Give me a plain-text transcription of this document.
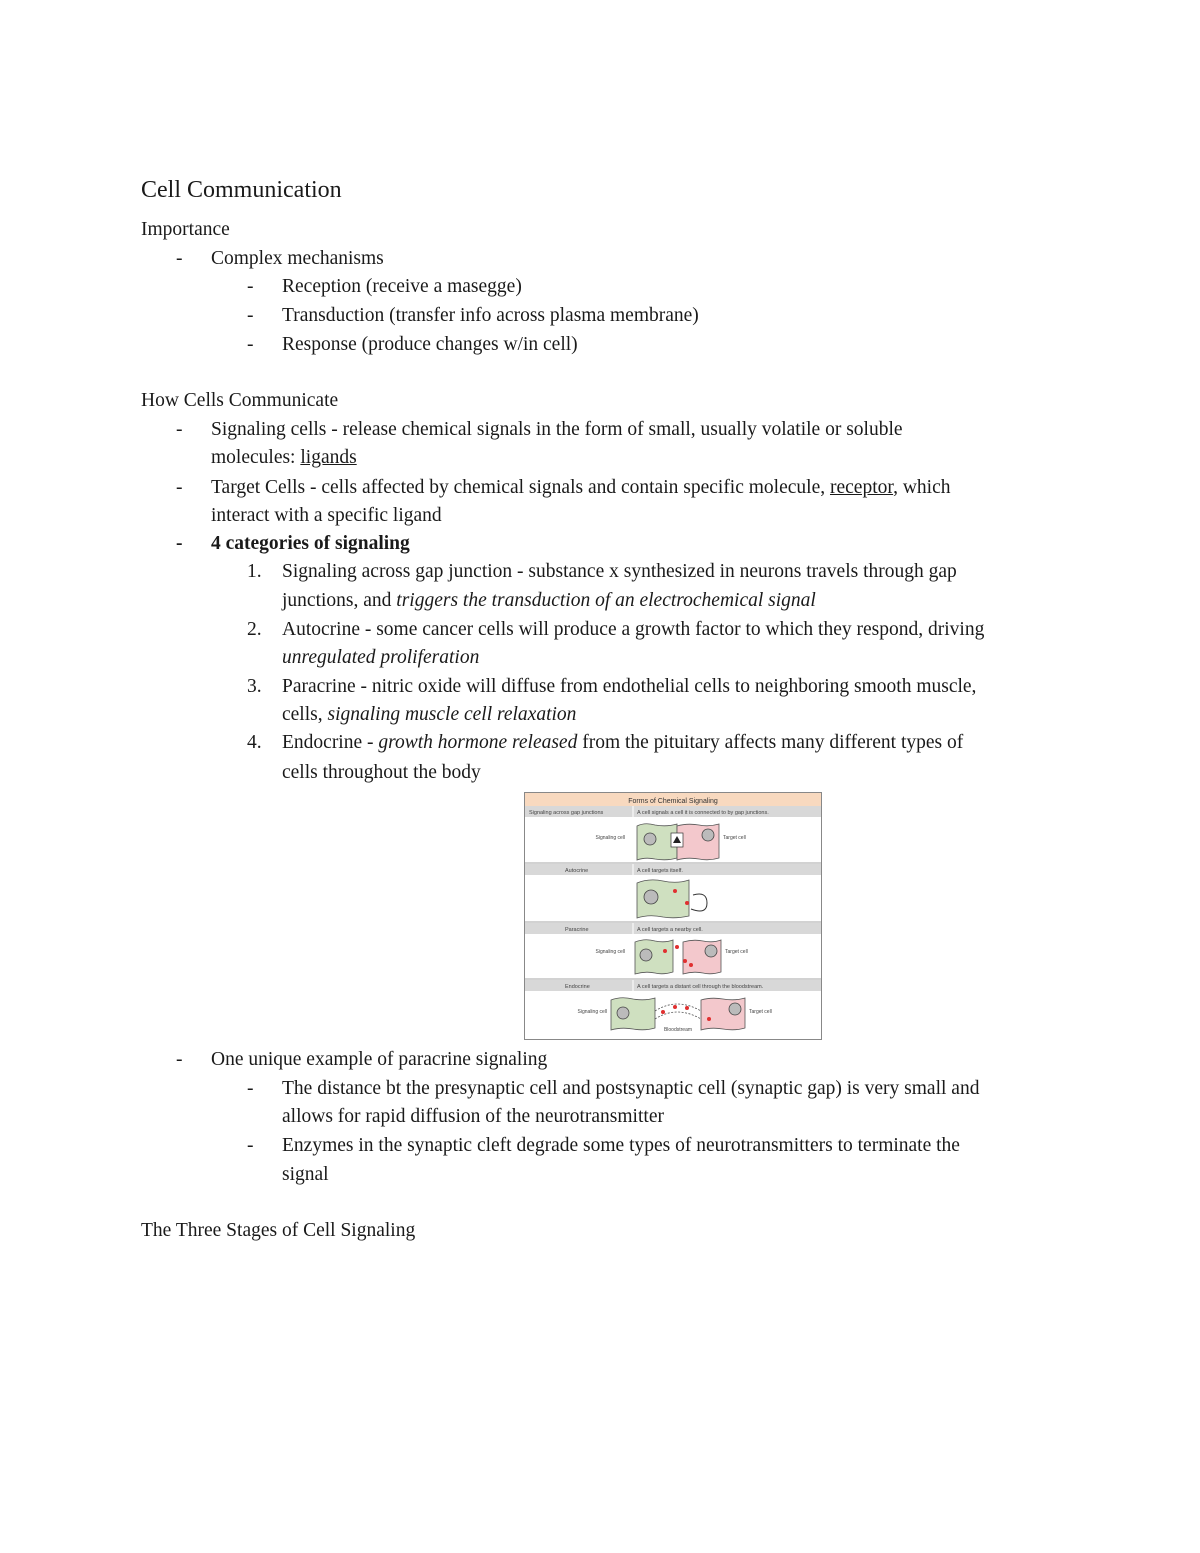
Cell Communication
Importance
- Complex mechanisms
- Reception (receive a masegge)
- Transduction (transfer info across plasma membrane)
- Response (produce changes w/in cell)
How Cells Communicate
- Signaling cells - release chemical signals in the form of small, usually volatile or soluble
molecules: ligands
- Target Cells - cells affected by chemical signals and contain specific molecule, receptor, which
interact with a specific ligand
- 4 categories of signaling
1. Signaling across gap junction - substance x synthesized in neurons travels through gap
junctions, and triggers the transduction of an electrochemical signal
2. Autocrine - some cancer cells will produce a growth factor to which they respond, driving
unregulated proliferation
3. Paracrine - nitric oxide will diffuse from endothelial cells to neighboring smooth muscle,
cells, signaling muscle cell relaxation
4. Endocrine - growth hormone released from the pituitary affects many different types of
cells throughout the body
Forms of Chemical Signaling
Signaling across gap junctions	A cell signals a cell it is connected to by gap junctions.
Signaling cell	Target cell
Autocrine	A cell targets itself.
Paracrine	A cell targets a nearby cell.
Signaling cell	Target cell
Endocrine	A cell targets a distant cell through the bloodstream.
Signaling cell	Target cell
Bloodstream
- One unique example of paracrine signaling
- The distance bt the presynaptic cell and postsynaptic cell (synaptic gap) is very small and
allows for rapid diffusion of the neurotransmitter
- Enzymes in the synaptic cleft degrade some types of neurotransmitters to terminate the
signal
The Three Stages of Cell Signaling
